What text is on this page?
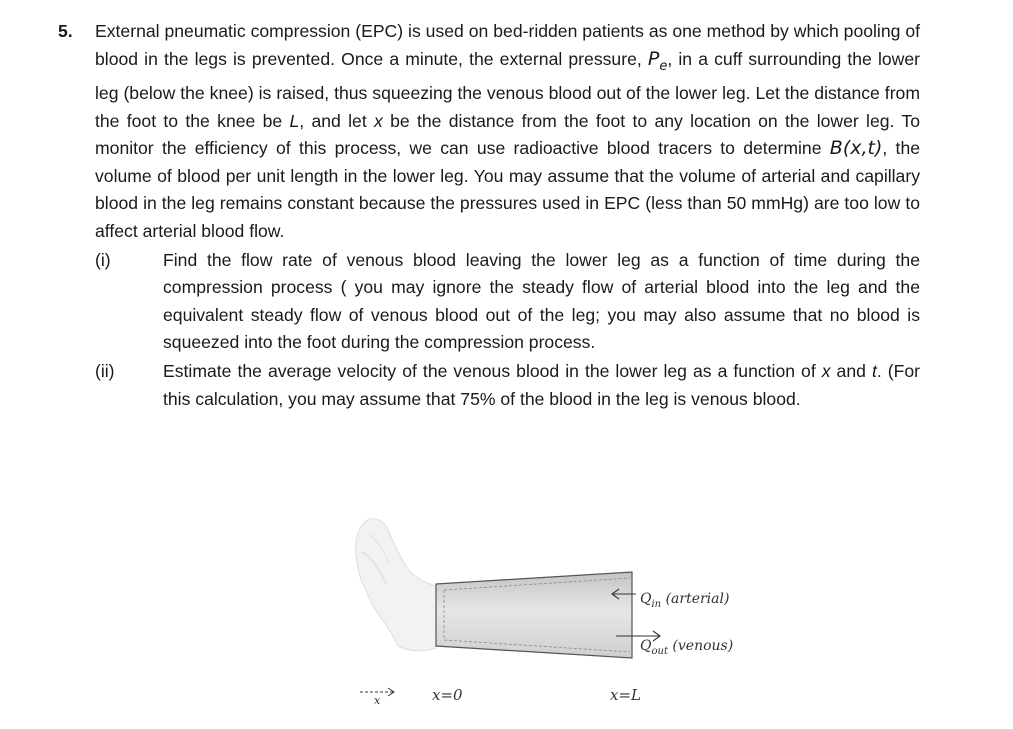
5. External pneumatic compression (EPC) is used on bed-ridden patients as one method by which pooling of blood in the legs is prevented. Once a minute, the external pressure, $P_e$, in a cuff surrounding the lower leg (below the knee) is raised, thus squeezing the venous blood out of the lower leg. Let the distance from the foot to the knee be L, and let x be the distance from the foot to any location on the lower leg. To monitor the efficiency of this process, we can use radioactive blood tracers to determine B(x,t), the volume of blood per unit length in the lower leg. You may assume that the volume of arterial and capillary blood in the leg remains constant because the pressures used in EPC (less than 50 mmHg) are too low to affect arterial blood flow.
(i)	Find the flow rate of venous blood leaving the lower leg as a function of time during the compression process ( you may ignore the steady flow of arterial blood into the leg and the equivalent steady flow of venous blood out of the leg; you may also assume that no blood is squeezed into the foot during the compression process.
(ii)	Estimate the average velocity of the venous blood in the lower leg as a function of x and t. (For this calculation, you may assume that 75% of the blood in the leg is venous blood.
$Q_{in}$ (arterial)
$Q_{out}$ (venous)
x	x=0	x=L
